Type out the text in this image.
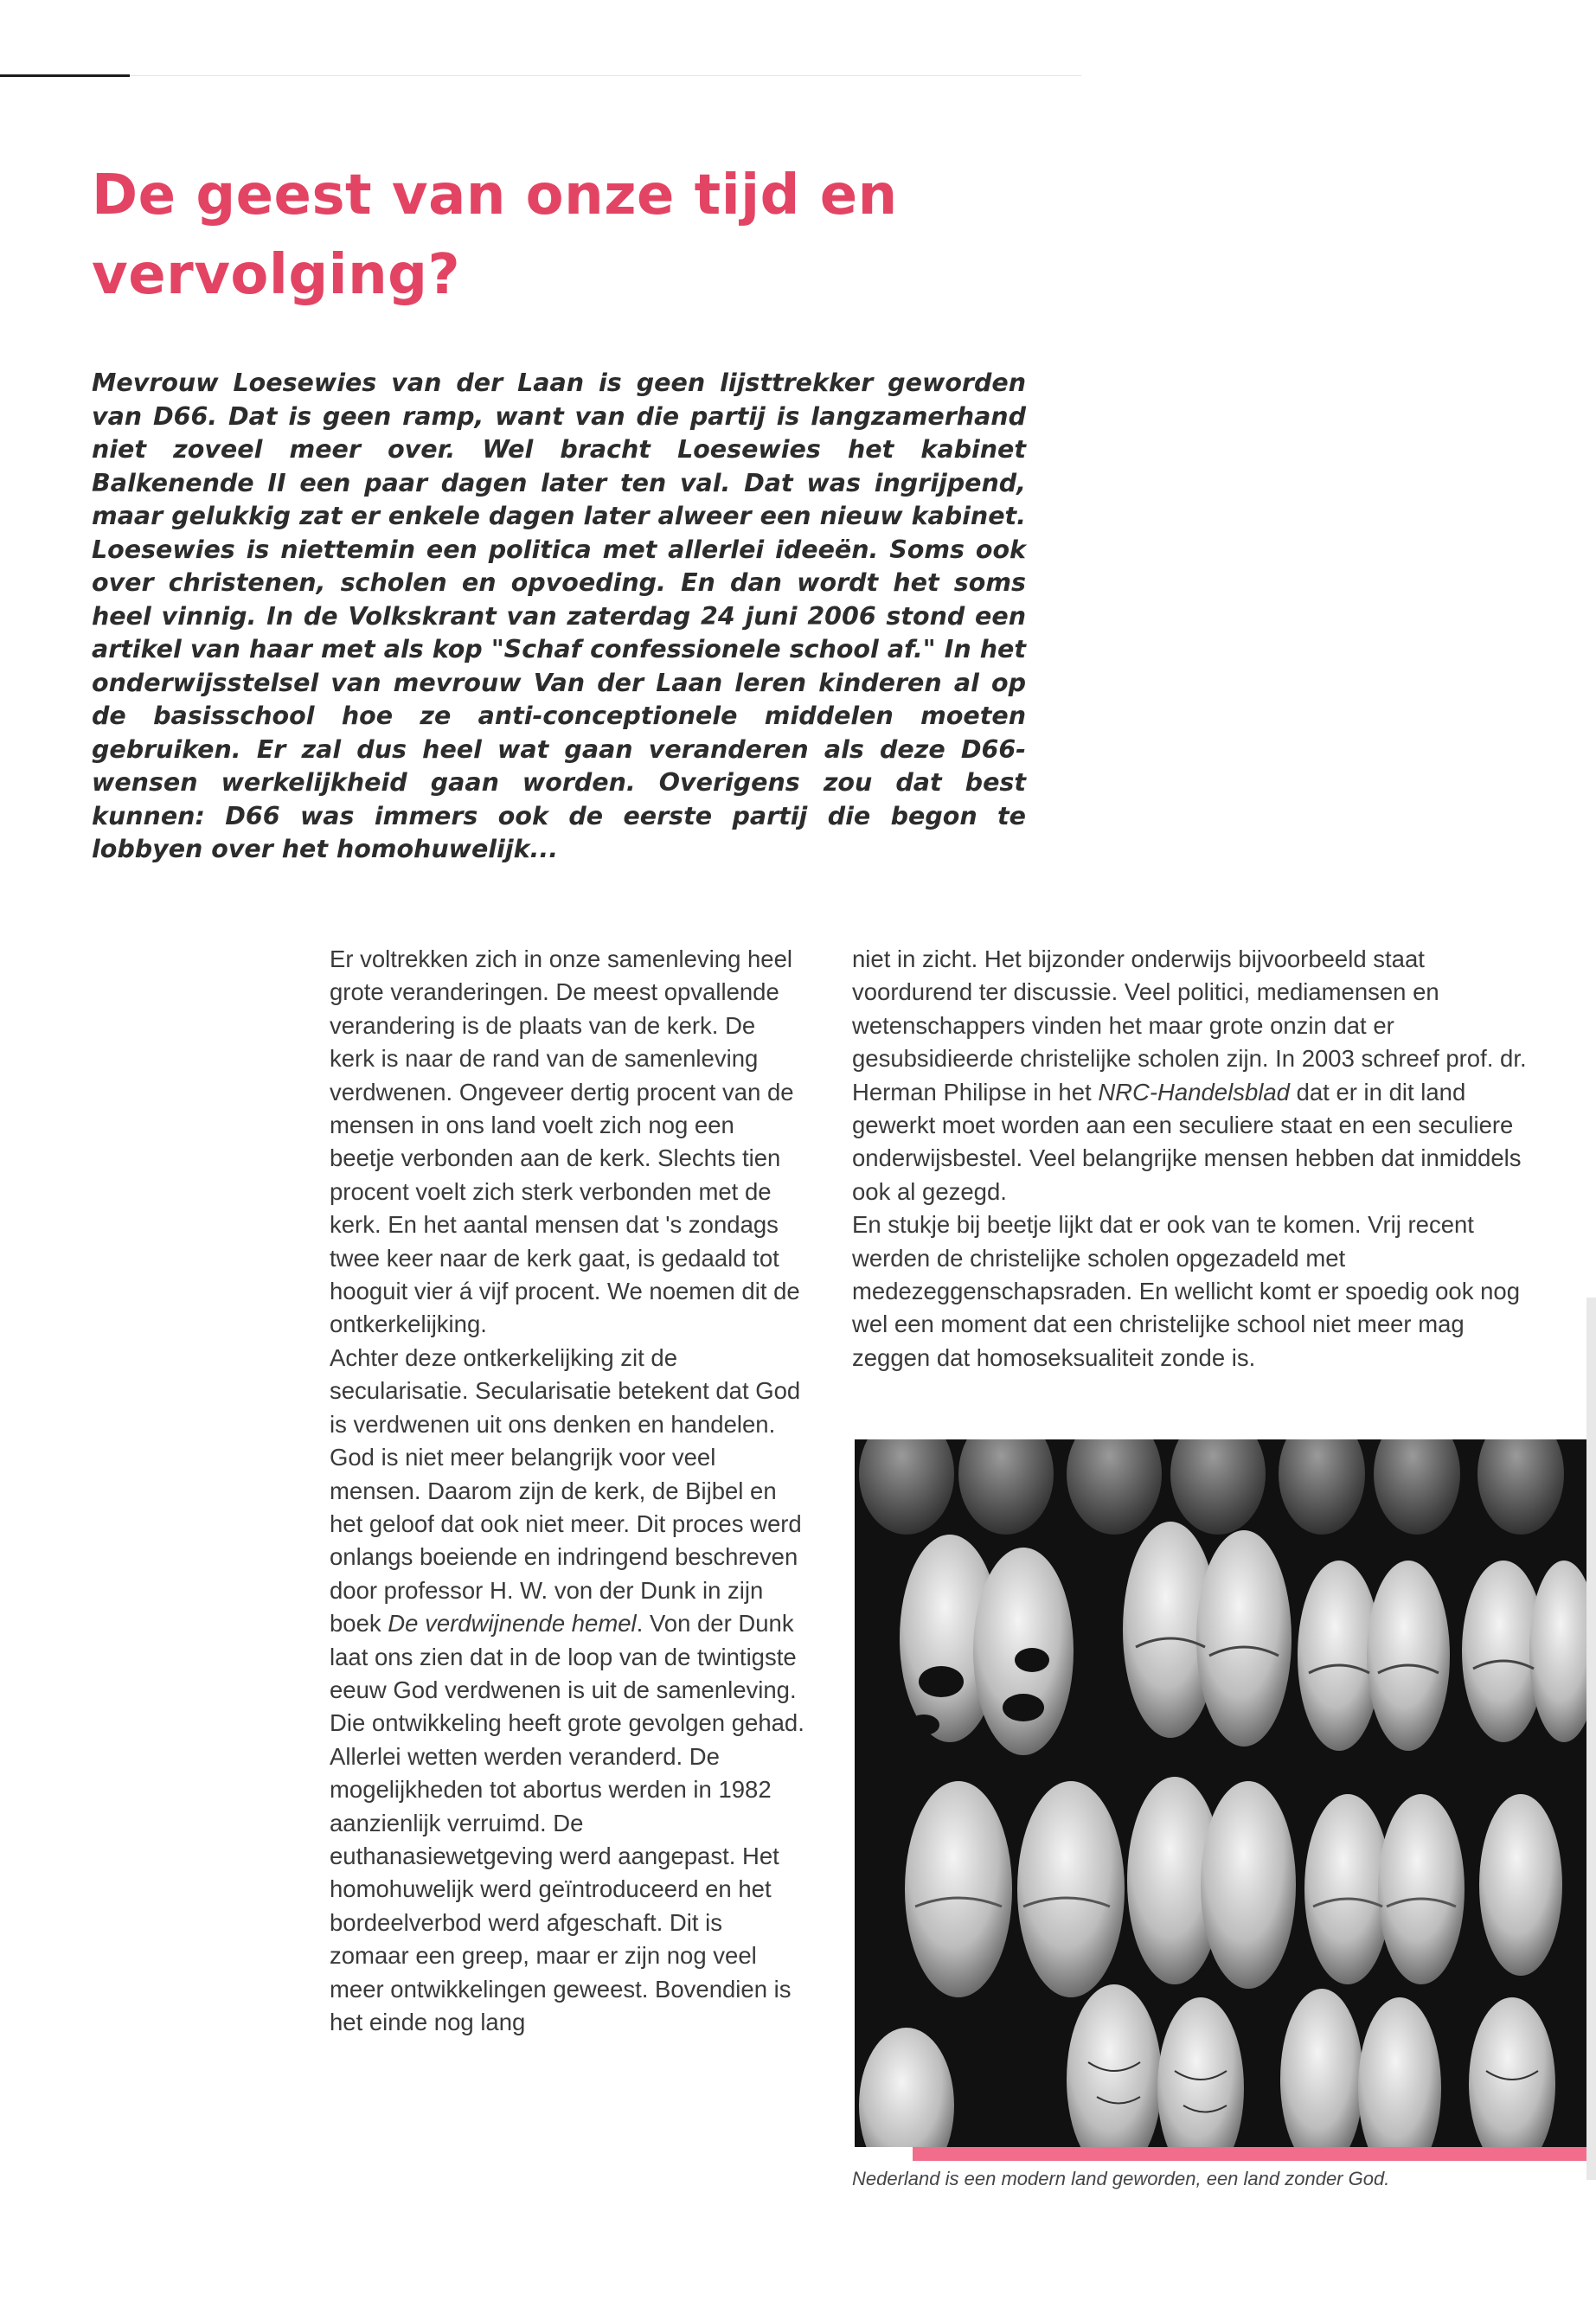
De geest van onze tijd en
vervolging?

Mevrouw Loesewies van der Laan is geen lijsttrekker geworden van D66. Dat is geen ramp, want van die partij is langzamerhand niet zoveel meer over. Wel bracht Loesewies het kabinet Balkenende II een paar dagen later ten val. Dat was ingrijpend, maar gelukkig zat er enkele dagen later alweer een nieuw kabinet. Loesewies is niettemin een politica met allerlei ideeën. Soms ook over christenen, scholen en opvoeding. En dan wordt het soms heel vinnig. In de Volkskrant van zaterdag 24 juni 2006 stond een artikel van haar met als kop "Schaf confessionele school af." In het onderwijsstelsel van mevrouw Van der Laan leren kinderen al op de basisschool hoe ze anti-conceptionele middelen moeten gebruiken. Er zal dus heel wat gaan veranderen als deze D66-wensen werkelijkheid gaan worden. Overigens zou dat best kunnen: D66 was immers ook de eerste partij die begon te lobbyen over het homohuwelijk...

Er voltrekken zich in onze samenleving heel grote veranderingen. De meest opvallende verandering is de plaats van de kerk. De kerk is naar de rand van de samenleving verdwenen. Ongeveer dertig procent van de mensen in ons land voelt zich nog een beetje verbonden aan de kerk. Slechts tien procent voelt zich sterk verbonden met de kerk. En het aantal mensen dat 's zondags twee keer naar de kerk gaat, is gedaald tot hooguit vier á vijf procent. We noemen dit de ontkerkelijking.

Achter deze ontkerkelijking zit de secularisatie. Secularisatie betekent dat God is verdwenen uit ons denken en handelen. God is niet meer belangrijk voor veel mensen. Daarom zijn de kerk, de Bijbel en het geloof dat ook niet meer. Dit proces werd onlangs boeiende en indringend beschreven door professor H. W. von der Dunk in zijn boek De verdwijnende hemel. Von der Dunk laat ons zien dat in de loop van de twintigste eeuw God verdwenen is uit de samenleving. Die ontwikkeling heeft grote gevolgen gehad. Allerlei wetten werden veranderd. De mogelijkheden tot abortus werden in 1982 aanzienlijk verruimd. De euthanasiewetgeving werd aangepast. Het homohuwelijk werd geïntroduceerd en het bordeelverbod werd afgeschaft. Dit is zomaar een greep, maar er zijn nog veel meer ontwikkelingen geweest. Bovendien is het einde nog lang

niet in zicht. Het bijzonder onderwijs bijvoorbeeld staat voordurend ter discussie. Veel politici, mediamensen en wetenschappers vinden het maar grote onzin dat er gesubsidieerde christelijke scholen zijn. In 2003 schreef prof. dr. Herman Philipse in het NRC-Handelsblad dat er in dit land gewerkt moet worden aan een seculiere staat en een seculiere onderwijsbestel. Veel belangrijke mensen hebben dat inmiddels ook al gezegd.

En stukje bij beetje lijkt dat er ook van te komen. Vrij recent werden de christelijke scholen opgezadeld met medezeggenschapsraden. En wellicht komt er spoedig ook nog wel een moment dat een christelijke school niet meer mag zeggen dat homoseksualiteit zonde is.

Nederland is een modern land geworden, een land zonder God.
